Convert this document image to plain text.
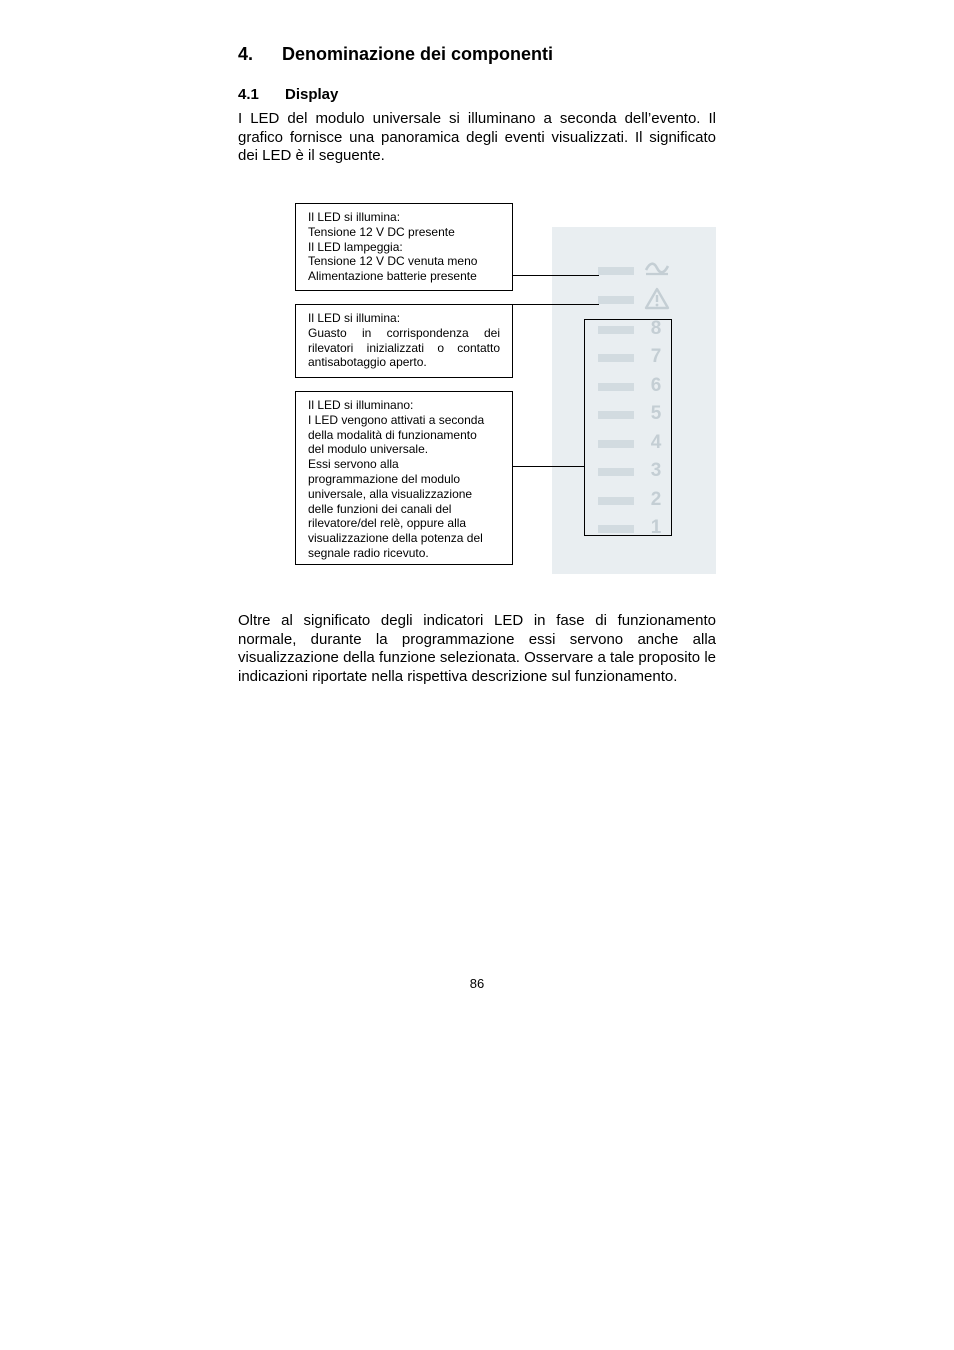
4.	Denominazione dei componenti
4.1	Display

I LED del modulo universale si illuminano a seconda dell’evento. Il grafico fornisce una panoramica degli eventi visualizzati. Il significato dei LED è il seguente.

8
7
6
5
4
3
2
1
Il LED si illumina:
Tensione 12 V DC presente
Il LED lampeggia:
Tensione 12 V DC venuta meno
Alimentazione batterie presente
Il LED si illumina:
Guasto in corrispondenza dei
rilevatori inizializzati o contatto
antisabotaggio aperto.
Il LED si illuminano:
I LED vengono attivati a seconda
della modalità di funzionamento
del modulo universale.
Essi servono alla
programmazione del modulo
universale, alla visualizzazione
delle funzioni dei canali del
rilevatore/del relè, oppure alla
visualizzazione della potenza del
segnale radio ricevuto.

Oltre al significato degli indicatori LED in fase di funzionamento normale, durante la programmazione essi servono anche alla visualizzazione della funzione selezionata. Osservare a tale proposito le indicazioni riportate nella rispettiva descrizione sul funzionamento.

86
